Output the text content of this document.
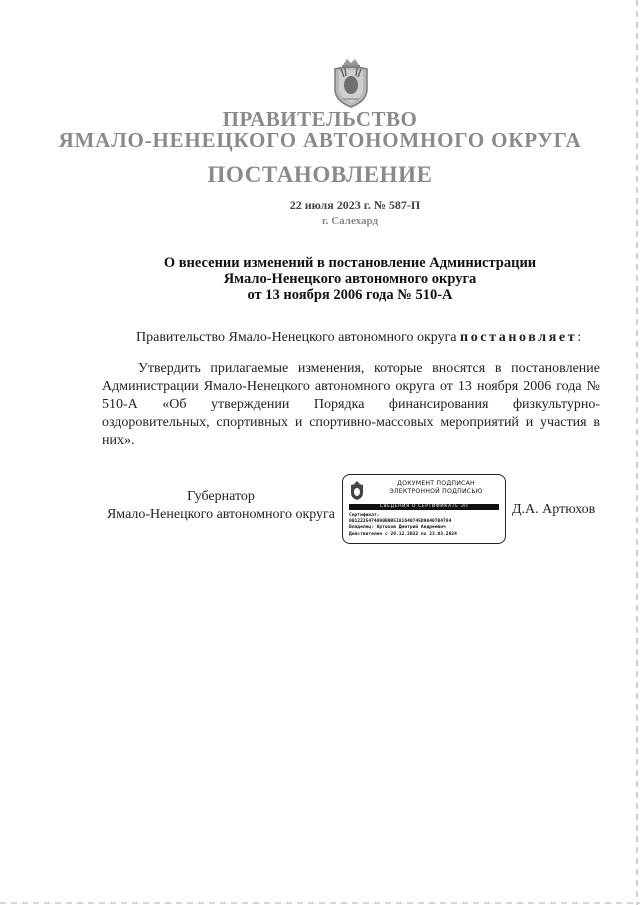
ПРАВИТЕЛЬСТВО
ЯМАЛО-НЕНЕЦКОГО АВТОНОМНОГО ОКРУГА
ПОСТАНОВЛЕНИЕ
22 июля 2023 г. № 587-П
г. Салехард
О внесении изменений в постановление Администрации
Ямало-Ненецкого автономного округа
от 13 ноября 2006 года № 510-А
Правительство Ямало-Ненецкого автономного округа постановляет:
Утвердить прилагаемые изменения, которые вносятся в постановление Администрации Ямало-Ненецкого автономного округа от 13 ноября 2006 года № 510-А «Об утверждении Порядка финансирования физкультурно-оздоровительных, спортивных и спортивно-массовых мероприятий и участия в них».
Губернатор
Ямало-Ненецкого автономного округа
ДОКУМЕНТ ПОДПИСАН
ЭЛЕКТРОННОЙ ПОДПИСЬЮ
СВЕДЕНИЯ О СЕРТИФИКАТЕ ЭП
Сертификат:
0012225474890B9B5181640745D98407B4784
Владелец: Артюхов Дмитрий Андреевич
Действителен с 29.12.2022 по 23.03.2024
Д.А. Артюхов
